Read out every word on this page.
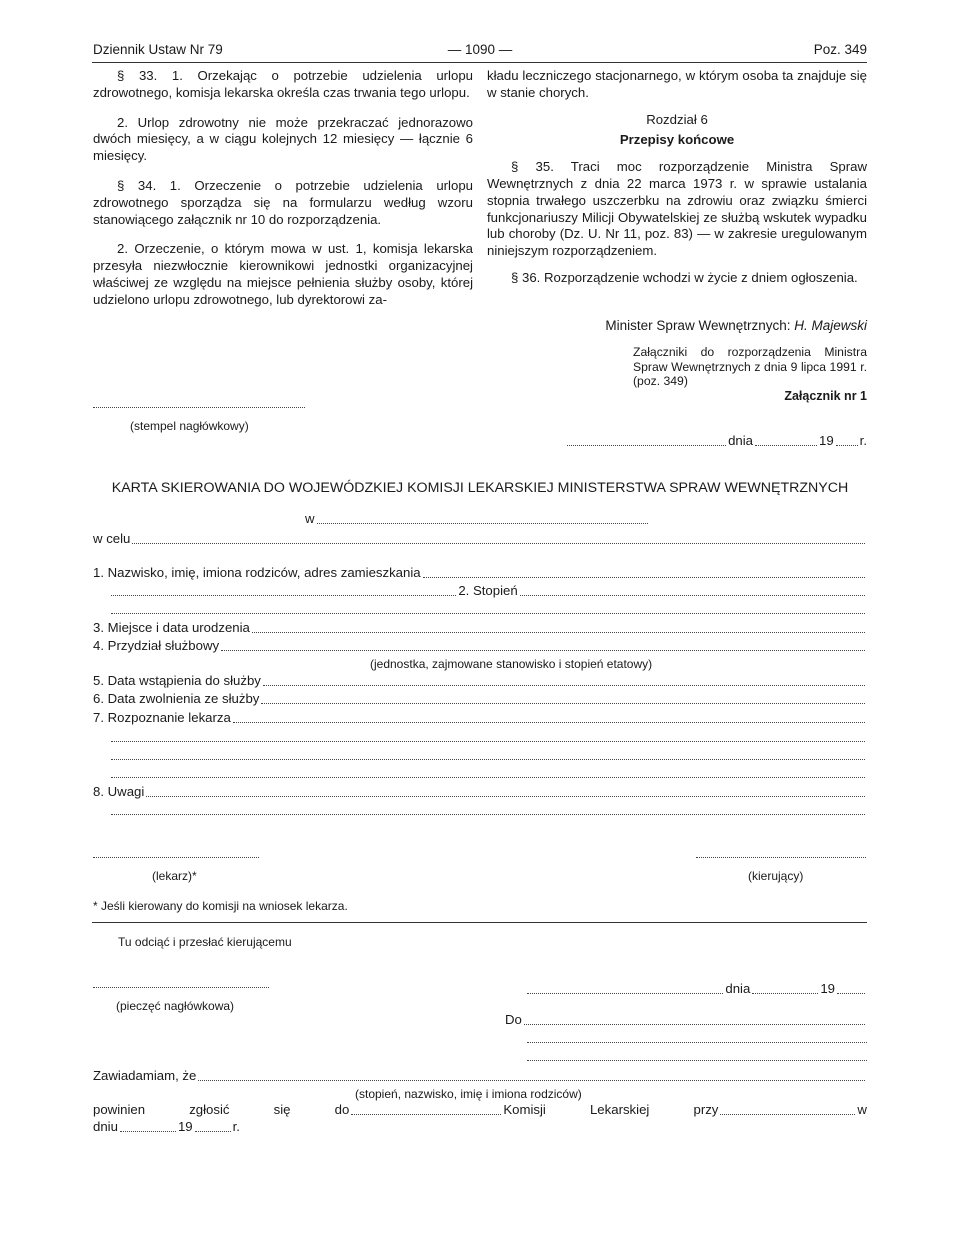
Dziennik Ustaw Nr 79	— 1090 —	Poz. 349

§ 33. 1. Orzekając o potrzebie udzielenia urlopu zdrowotnego, komisja lekarska określa czas trwania tego urlopu.

2. Urlop zdrowotny nie może przekraczać jednorazowo dwóch miesięcy, a w ciągu kolejnych 12 miesięcy — łącznie 6 miesięcy.

§ 34. 1. Orzeczenie o potrzebie udzielenia urlopu zdrowotnego sporządza się na formularzu według wzoru stanowiącego załącznik nr 10 do rozporządzenia.

2. Orzeczenie, o którym mowa w ust. 1, komisja lekarska przesyła niezwłocznie kierownikowi jednostki organizacyjnej właściwej ze względu na miejsce pełnienia służby osoby, której udzielono urlopu zdrowotnego, lub dyrektorowi za-

kładu leczniczego stacjonarnego, w którym osoba ta znajduje się w stanie chorych.

Rozdział 6

Przepisy końcowe

§ 35. Traci moc rozporządzenie Ministra Spraw Wewnętrznych z dnia 22 marca 1973 r. w sprawie ustalania stopnia trwałego uszczerbku na zdrowiu oraz związku śmierci funkcjonariuszy Milicji Obywatelskiej ze służbą wskutek wypadku lub choroby (Dz. U. Nr 11, poz. 83) — w zakresie uregulowanym niniejszym rozporządzeniem.

§ 36. Rozporządzenie wchodzi w życie z dniem ogłoszenia.

Minister Spraw Wewnętrznych: H. Majewski
Załączniki do rozporządzenia Ministra Spraw Wewnętrznych z dnia 9 lipca 1991 r. (poz. 349)
Załącznik nr 1
(stempel nagłówkowy)
dnia	19 r.
KARTA SKIEROWANIA DO WOJEWÓDZKIEJ KOMISJI LEKARSKIEJ MINISTERSTWA SPRAW WEWNĘTRZNYCH
w
w celu
1. Nazwisko, imię, imiona rodziców, adres zamieszkania
2. Stopień
3. Miejsce i data urodzenia
4. Przydział służbowy
(jednostka, zajmowane stanowisko i stopień etatowy)
5. Data wstąpienia do służby
6. Data zwolnienia ze służby
7. Rozpoznanie lekarza
8. Uwagi
(lekarz)*	(kierujący)
* Jeśli kierowany do komisji na wniosek lekarza.
Tu odciąć i przesłać kierującemu
(pieczęć nagłówkowa)
dnia	19
Do
Zawiadamiam, że
(stopień, nazwisko, imię i imiona rodziców)
powinien	zgłosić	się	do	Komisji	Lekarskiej	przy	w
dniu	19	r.
